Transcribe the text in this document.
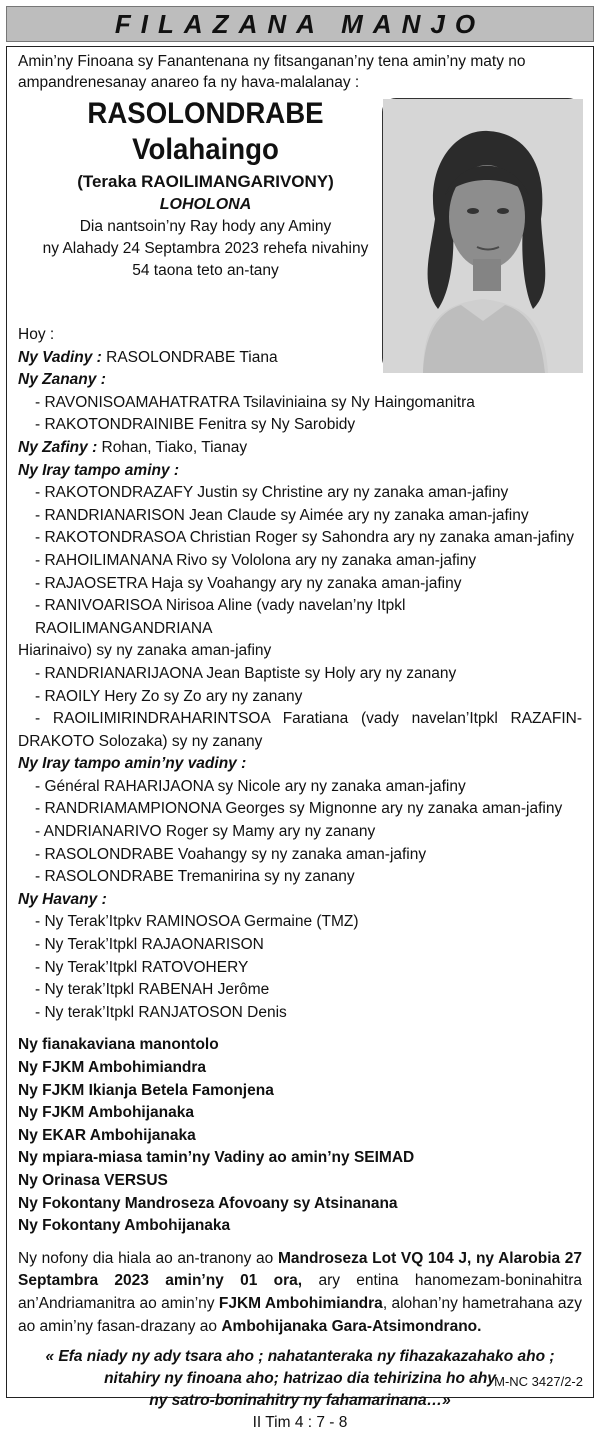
FILAZANA MANJO
Amin’ny Finoana sy Fanantenana ny fitsanganan’ny tena amin’ny maty no ampandrenesanay anareo fa ny hava-malalanay :
RASOLONDRABE
Volahaingo
(Teraka RAOILIMANGARIVONY)
LOHOLONA
Dia nantsoin’ny Ray hody any Aminy
ny Alahady 24 Septambra 2023 rehefa nivahiny
54 taona teto an-tany
Hoy :
Ny Vadiny : RASOLONDRABE Tiana
Ny Zanany :
- RAVONISOAMAHATRATRA Tsilaviniaina sy Ny Haingomanitra
- RAKOTONDRAINIBE Fenitra sy Ny Sarobidy
Ny Zafiny : Rohan, Tiako, Tianay
Ny Iray tampo aminy :
- RAKOTONDRAZAFY Justin sy Christine ary ny zanaka aman-jafiny
- RANDRIANARISON Jean Claude sy Aimée ary ny zanaka aman-jafiny
- RAKOTONDRASOA Christian Roger sy Sahondra ary ny zanaka aman-jafiny
- RAHOILIMANANA Rivo sy Vololona ary ny zanaka aman-jafiny
- RAJAOSETRA Haja sy Voahangy ary ny zanaka aman-jafiny
- RANIVOARISOA Nirisoa Aline (vady navelan’ny Itpkl RAOILIMANGANDRIANA
Hiarinaivo) sy ny zanaka aman-jafiny
- RANDRIANARIJAONA Jean Baptiste sy Holy ary ny zanany
- RAOILY Hery Zo sy Zo ary ny zanany
- RAOILIMIRINDRAHARINTSOA Faratiana (vady navelan’Itpkl RAZAFIN-
DRAKOTO Solozaka) sy ny zanany
Ny Iray tampo amin’ny vadiny :
- Général RAHARIJAONA sy Nicole ary ny zanaka aman-jafiny
- RANDRIAMAMPIONONA Georges sy Mignonne ary ny zanaka aman-jafiny
- ANDRIANARIVO Roger sy Mamy ary ny zanany
- RASOLONDRABE Voahangy sy ny zanaka aman-jafiny
- RASOLONDRABE Tremanirina sy ny zanany
Ny Havany :
- Ny Terak’Itpkv RAMINOSOA Germaine (TMZ)
- Ny Terak’Itpkl RAJAONARISON
- Ny Terak’Itpkl RATOVOHERY
- Ny terak’Itpkl RABENAH Jerôme
- Ny terak’Itpkl RANJATOSON Denis
Ny fianakaviana manontolo
Ny FJKM Ambohimiandra
Ny FJKM Ikianja Betela Famonjena
Ny FJKM Ambohijanaka
Ny EKAR Ambohijanaka
Ny mpiara-miasa tamin’ny Vadiny ao amin’ny SEIMAD
Ny Orinasa VERSUS
Ny Fokontany Mandroseza Afovoany sy Atsinanana
Ny Fokontany Ambohijanaka
Ny nofony dia hiala ao an-tranony ao Mandroseza Lot VQ 104 J, ny Alarobia 27 Septambra 2023 amin’ny 01 ora, ary entina hanomezam-boninahitra an’Andriamanitra ao amin’ny FJKM Ambohimiandra, alohan’ny hametrahana azy ao amin’ny fasan-drazany ao Ambohijanaka Gara-Atsimondrano.
« Efa niady ny ady tsara aho ; nahatanteraka ny fihazakazahako aho ;
nitahiry ny finoana aho; hatrizao dia tehirizina ho ahy
ny satro-boninahitry ny fahamarinana…»
II Tim 4 : 7 - 8
M-NC 3427/2-2
